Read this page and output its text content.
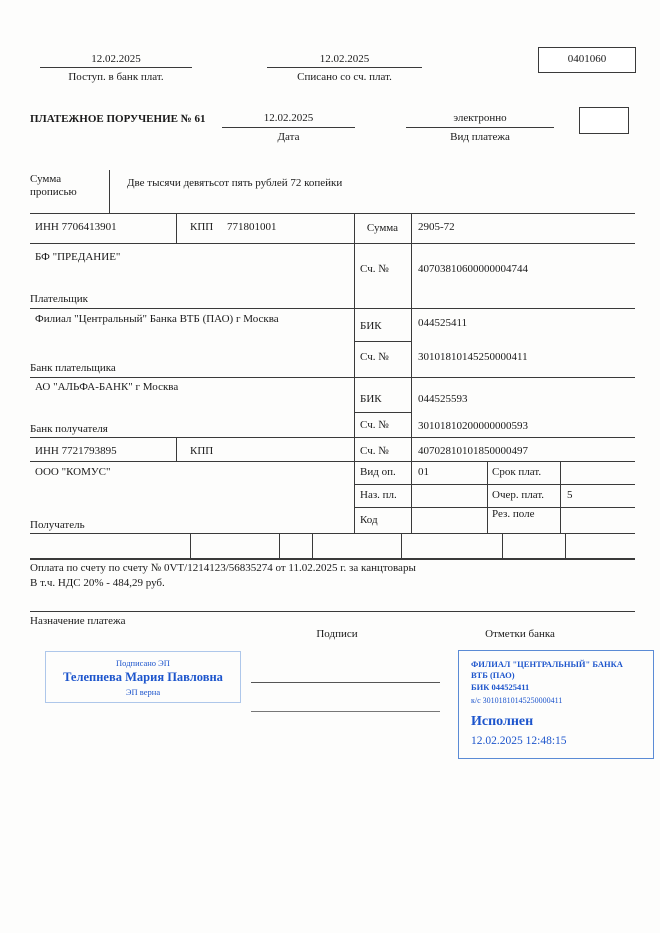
12.02.2025
Поступ. в банк плат.
12.02.2025
Списано со сч. плат.
0401060
ПЛАТЕЖНОЕ ПОРУЧЕНИЕ № 61	12.02.2025
Дата
электронно
Вид платежа
Сумма прописью
Две тысячи девятьсот пять рублей 72 копейки
ИНН 7706413901	КПП 771801001	Сумма	2905-72
БФ "ПРЕДАНИЕ"
Сч. №	40703810600000004744
Плательщик
Филиал "Центральный" Банка ВТБ (ПАО) г Москва
БИК	044525411
Сч. №	30101810145250000411
Банк плательщика
АО "АЛЬФА-БАНК" г Москва
БИК	044525593
Сч. №	30101810200000000593
Банк получателя
ИНН 7721793895	КПП	Сч. №	40702810101850000497
ООО "КОМУС"	Вид оп. 01	Срок плат.
Наз. пл.	Очер. плат. 5
Код	Рез. поле
Получатель
Оплата по счету по счету № 0VT/1214123/56835274 от 11.02.2025 г. за канцтовары
В т.ч. НДС 20% - 484,29 руб.
Назначение платежа
Подписи	Отметки банка
Подписано ЭП
Телепнева Мария Павловна
ЭП верна
ФИЛИАЛ "ЦЕНТРАЛЬНЫЙ" БАНКА
ВТБ (ПАО)
БИК 044525411
к/с 30101810145250000411
Исполнен
12.02.2025 12:48:15
